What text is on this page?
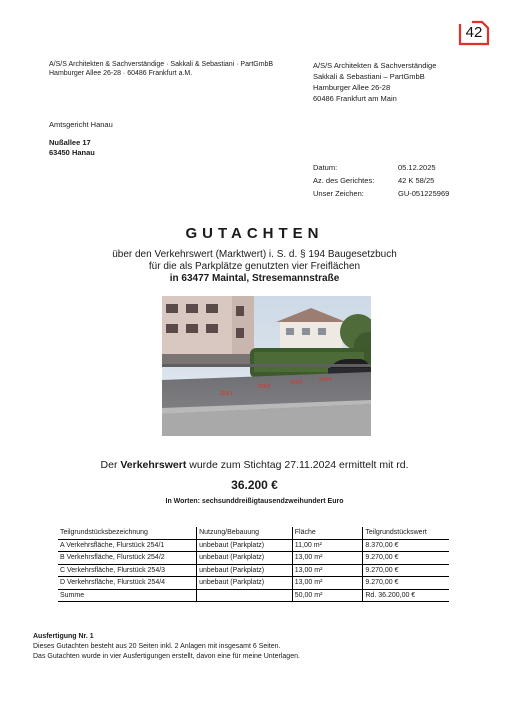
42
A/S/S Architekten & Sachverständige · Sakkali & Sebastiani · PartGmbB
Hamburger Allee 26-28 · 60486 Frankfurt a.M.
A/S/S Architekten & Sachverständige
Sakkali & Sebastiani – PartGmbB
Hamburger Allee 26-28
60486 Frankfurt am Main
Amtsgericht Hanau
Nußallee 17
63450 Hanau
Datum:	05.12.2025
Az. des Gerichtes:	42 K 58/25
Unser Zeichen:	GU-051225969
GUTACHTEN
über den Verkehrswert (Marktwert) i. S. d. § 194 Baugesetzbuch
für die als Parkplätze genutzten vier Freiflächen
in 63477 Maintal, Stresemannstraße
254/1
254/2
254/3	254/4
Der Verkehrswert wurde zum Stichtag 27.11.2024 ermittelt mit rd.
36.200 €
In Worten: sechsunddreißigtausendzweihundert Euro
Teilgrundstücksbezeichnung	Nutzung/Bebauung	Fläche	Teilgrundstückswert
A Verkehrsfläche, Flurstück 254/1	unbebaut (Parkplatz)	11,00 m²	8.370,00 €
B Verkehrsfläche, Flurstück 254/2	unbebaut (Parkplatz)	13,00 m²	9.270,00 €
C Verkehrsfläche, Flurstück 254/3	unbebaut (Parkplatz)	13,00 m²	9.270,00 €
D Verkehrsfläche, Flurstück 254/4	unbebaut (Parkplatz)	13,00 m²	9.270,00 €
Summe		50,00 m²	Rd. 36.200,00 €
Ausfertigung Nr. 1
Dieses Gutachten besteht aus 20 Seiten inkl. 2 Anlagen mit insgesamt 6 Seiten.
Das Gutachten wurde in vier Ausfertigungen erstellt, davon eine für meine Unterlagen.
